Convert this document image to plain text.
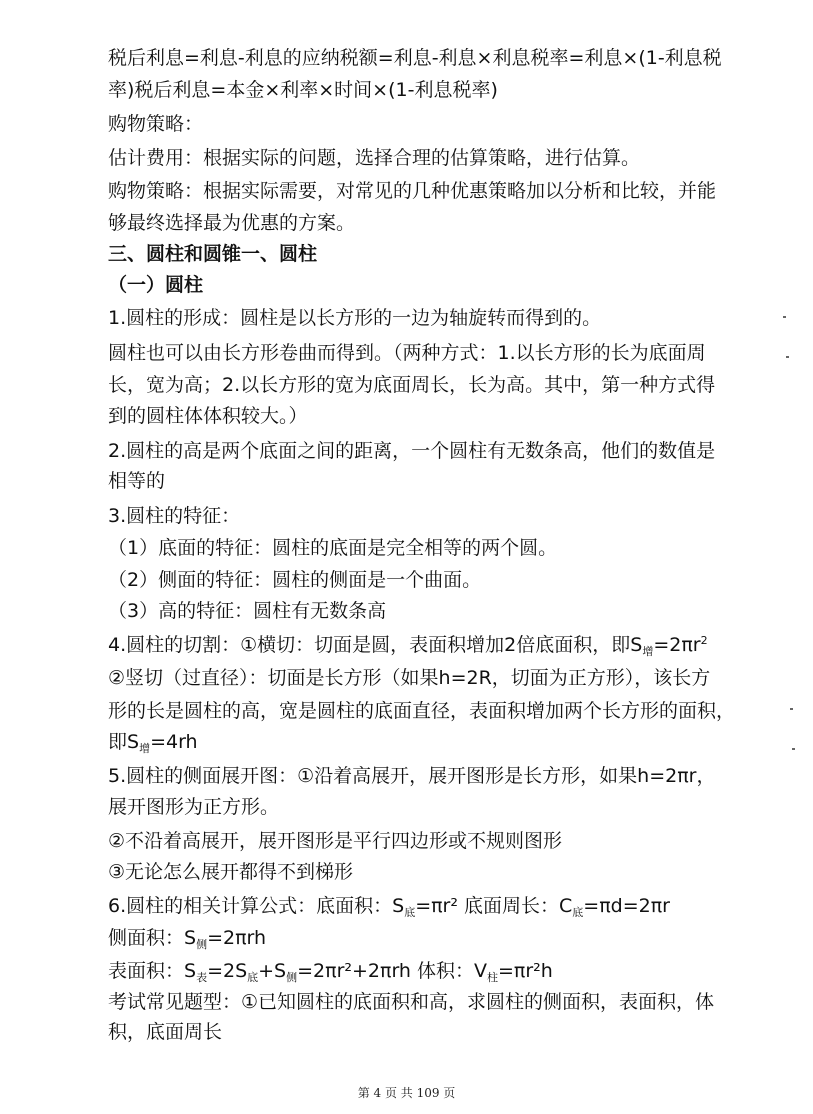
税后利息=利息-利息的应纳税额=利息-利息×利息税率=利息×(1-利息税
率)税后利息=本金×利率×时间×(1-利息税率)
购物策略：
估计费用：根据实际的问题，选择合理的估算策略，进行估算。
购物策略：根据实际需要，对常见的几种优惠策略加以分析和比较，并能
够最终选择最为优惠的方案。
三、圆柱和圆锥一、圆柱
（一）圆柱
1.圆柱的形成：圆柱是以长方形的一边为轴旋转而得到的。
圆柱也可以由长方形卷曲而得到。（两种方式：1.以长方形的长为底面周
长，宽为高；2.以长方形的宽为底面周长，长为高。其中，第一种方式得
到的圆柱体体积较大。）
2.圆柱的高是两个底面之间的距离，一个圆柱有无数条高，他们的数值是
相等的
3.圆柱的特征：
（1）底面的特征：圆柱的底面是完全相等的两个圆。
（2）侧面的特征：圆柱的侧面是一个曲面。
（3）高的特征：圆柱有无数条高
4.圆柱的切割：①横切：切面是圆，表面积增加2倍底面积，即$S_增=2\pi r^2$
②竖切（过直径）：切面是长方形（如果h=2R，切面为正方形），该长方
形的长是圆柱的高，宽是圆柱的底面直径，表面积增加两个长方形的面积，
即$S_增=4rh$
5.圆柱的侧面展开图：①沿着高展开，展开图形是长方形，如果h=2πr，
展开图形为正方形。
②不沿着高展开，展开图形是平行四边形或不规则图形
③无论怎么展开都得不到梯形
6.圆柱的相关计算公式：底面积：$S_底=\pi r^2$ 底面周长：$C_底=\pi d=2\pi r$
侧面积：$S_侧=2\pi rh$
表面积：$S_表=2S_底+S_侧=2\pi r^2+2\pi rh$ 体积：$V_柱=\pi r^2h$
考试常见题型：①已知圆柱的底面积和高，求圆柱的侧面积，表面积，体
积，底面周长
第 4 页 共 109 页
